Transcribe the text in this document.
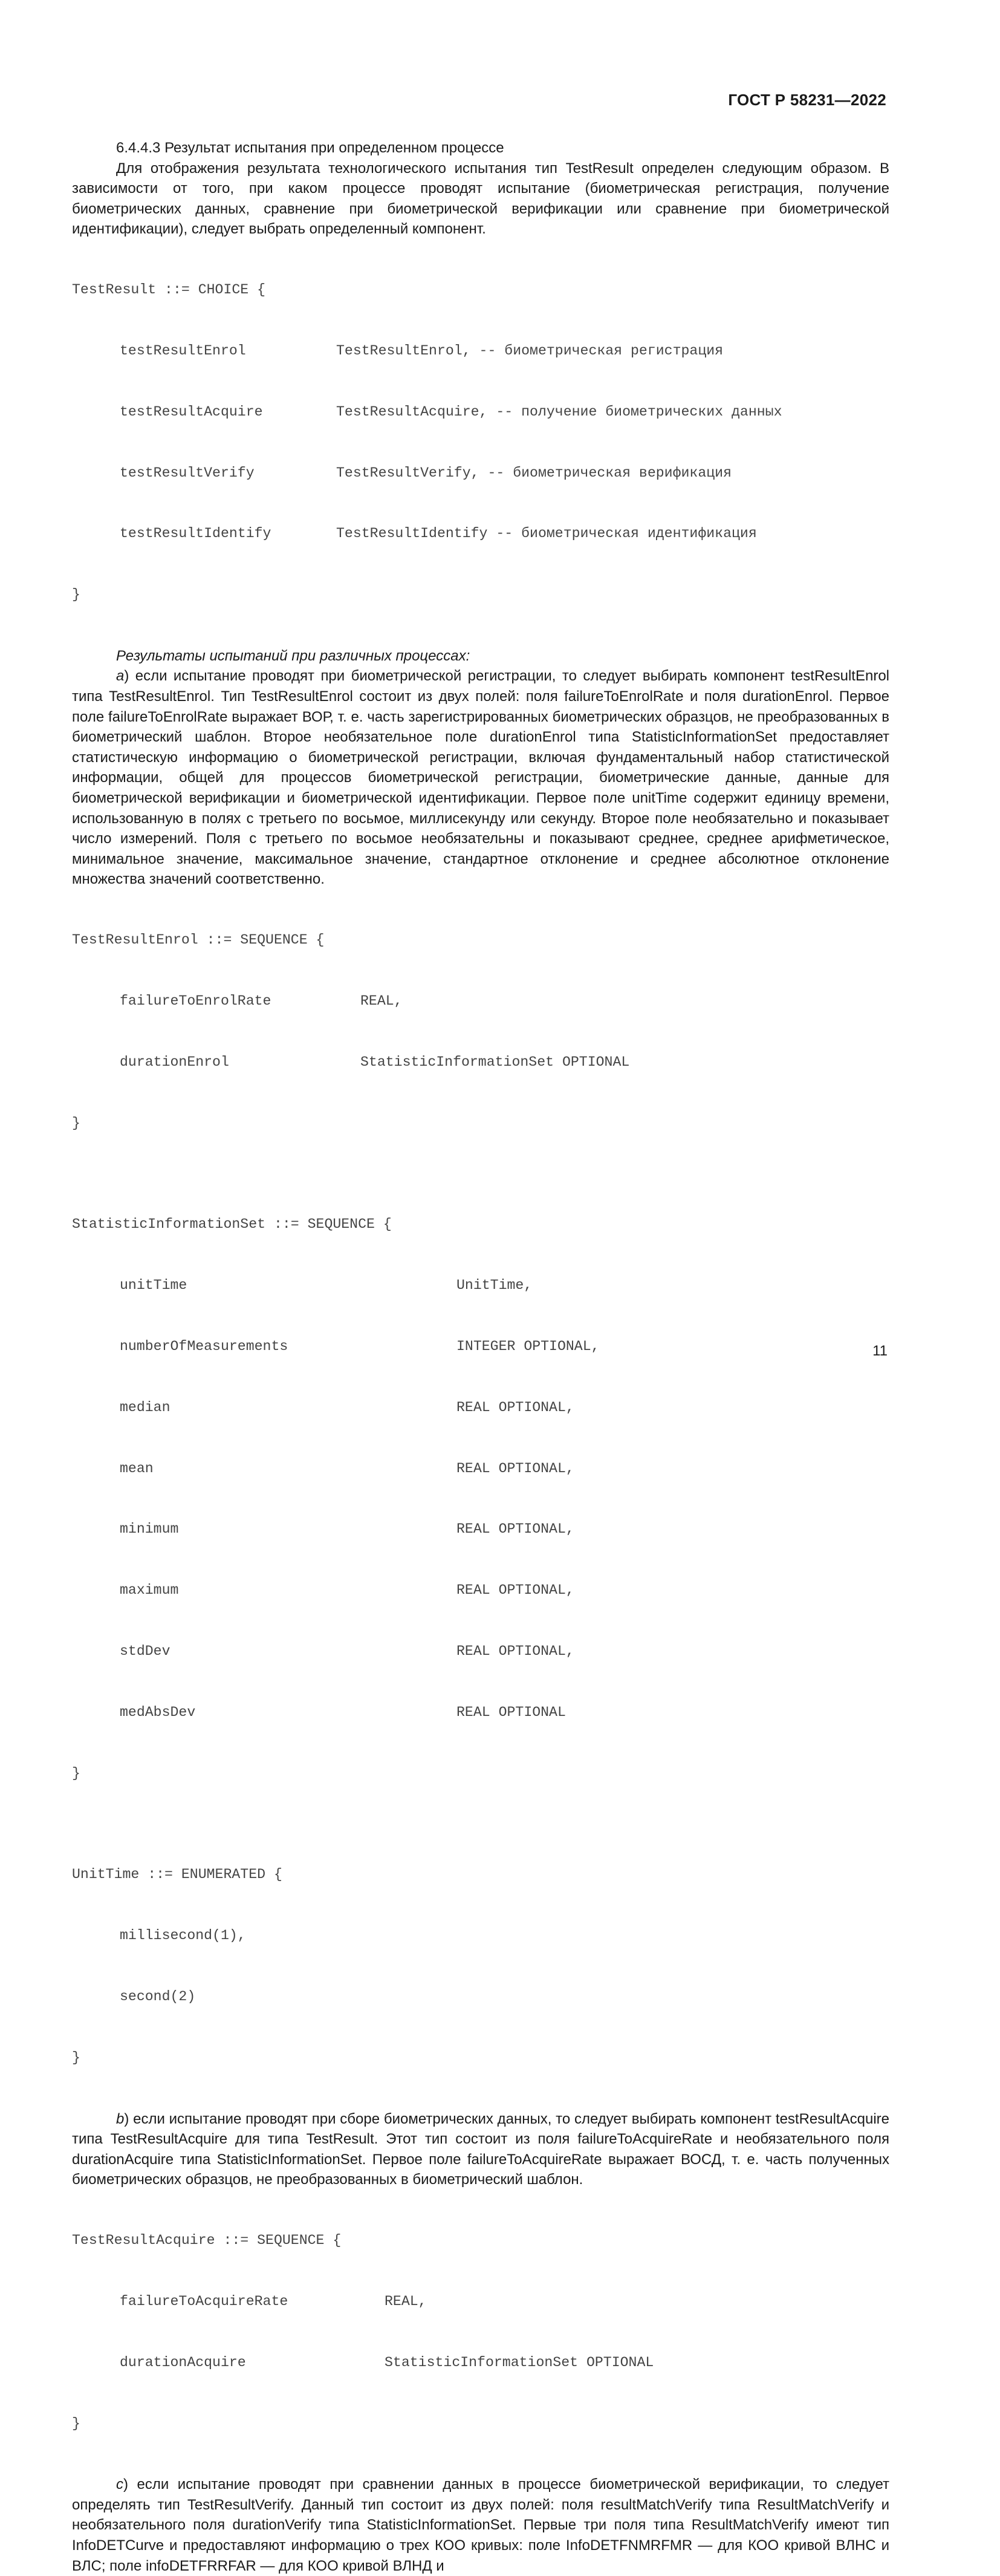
ГОСТ Р 58231—2022

6.4.4.3 Результат испытания при определенном процессе

Для отображения результата технологического испытания тип TestResult определен следующим образом. В зависимости от того, при каком процессе проводят испытание (биометрическая регистрация, получение биометрических данных, сравнение при биометрической верификации или сравнение при биометрической идентификации), следует выбрать определенный компонент.

TestResult ::= CHOICE {

testResultEnrol	TestResultEnrol, -- биометрическая регистрация

testResultAcquire	TestResultAcquire, -- получение биометрических данных

testResultVerify	TestResultVerify, -- биометрическая верификация

testResultIdentify	TestResultIdentify -- биометрическая идентификация

}

Результаты испытаний при различных процессах:

a) если испытание проводят при биометрической регистрации, то следует выбирать компонент testResultEnrol типа TestResultEnrol. Тип TestResultEnrol состоит из двух полей: поля failureToEnrolRate и поля durationEnrol. Первое поле failureToEnrolRate выражает ВОР, т. е. часть зарегистрированных биометрических образцов, не преобразованных в биометрический шаблон. Второе необязательное поле durationEnrol типа StatisticInformationSet предоставляет статистическую информацию о биометрической регистрации, включая фундаментальный набор статистической информации, общей для процессов биометрической регистрации, биометрические данные, данные для биометрической верификации и биометрической идентификации. Первое поле unitTime содержит единицу времени, использованную в полях с третьего по восьмое, миллисекунду или секунду. Второе поле необязательно и показывает число измерений. Поля с третьего по восьмое необязательны и показывают среднее, среднее арифметическое, минимальное значение, максимальное значение, стандартное отклонение и среднее абсолютное отклонение множества значений соответственно.

TestResultEnrol ::= SEQUENCE {

failureToEnrolRate	REAL,

durationEnrol	StatisticInformationSet OPTIONAL

}

StatisticInformationSet ::= SEQUENCE {

unitTime	UnitTime,

numberOfMeasurements	INTEGER OPTIONAL,

median	REAL OPTIONAL,

mean	REAL OPTIONAL,

minimum	REAL OPTIONAL,

maximum	REAL OPTIONAL,

stdDev	REAL OPTIONAL,

medAbsDev	REAL OPTIONAL

}

UnitTime ::= ENUMERATED {

millisecond(1),

second(2)

}

b) если испытание проводят при сборе биометрических данных, то следует выбирать компонент testResultAcquire типа TestResultAcquire для типа TestResult. Этот тип состоит из поля failureToAcquireRate и необязательного поля durationAcquire типа StatisticInformationSet. Первое поле failureToAcquireRate выражает ВОСД, т. е. часть полученных биометрических образцов, не преобразованных в биометрический шаблон.

TestResultAcquire ::= SEQUENCE {

failureToAcquireRate	REAL,

durationAcquire	StatisticInformationSet OPTIONAL

}

c) если испытание проводят при сравнении данных в процессе биометрической верификации, то следует определять тип TestResultVerify. Данный тип состоит из двух полей: поля resultMatchVerify типа ResultMatchVerify и необязательного поля durationVerify типа StatisticInformationSet. Первые три поля типа ResultMatchVerify имеют тип InfoDETCurve и предоставляют информацию о трех КОО кривых: поле InfoDETFNMRFMR — для КОО кривой ВЛНС и ВЛС; поле infoDETFRRFAR — для КОО кривой ВЛНД и

11
